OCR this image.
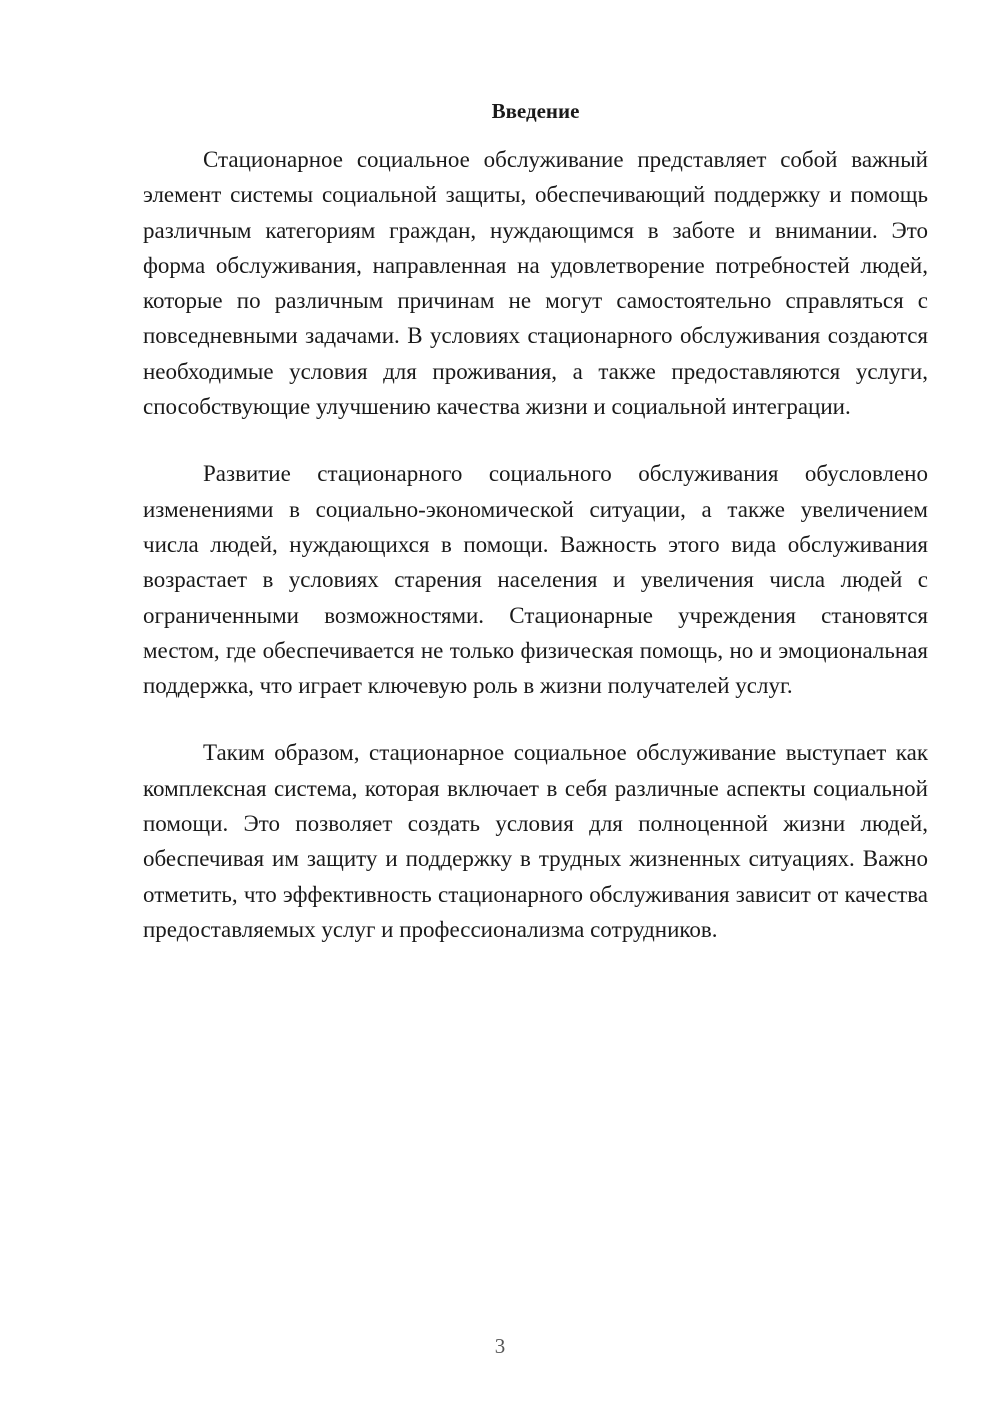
Введение

Стационарное социальное обслуживание представляет собой важный элемент системы социальной защиты, обеспечивающий поддержку и помощь различным категориям граждан, нуждающимся в заботе и внимании. Это форма обслуживания, направленная на удовлетворение потребностей людей, которые по различным причинам не могут самостоятельно справляться с повседневными задачами. В условиях стационарного обслуживания создаются необходимые условия для проживания, а также предоставляются услуги, способствующие улучшению качества жизни и социальной интеграции.

Развитие стационарного социального обслуживания обусловлено изменениями в социально-экономической ситуации, а также увеличением числа людей, нуждающихся в помощи. Важность этого вида обслуживания возрастает в условиях старения населения и увеличения числа людей с ограниченными возможностями. Стационарные учреждения становятся местом, где обеспечивается не только физическая помощь, но и эмоциональная поддержка, что играет ключевую роль в жизни получателей услуг.

Таким образом, стационарное социальное обслуживание выступает как комплексная система, которая включает в себя различные аспекты социальной помощи. Это позволяет создать условия для полноценной жизни людей, обеспечивая им защиту и поддержку в трудных жизненных ситуациях. Важно отметить, что эффективность стационарного обслуживания зависит от качества предоставляемых услуг и профессионализма сотрудников.

3
